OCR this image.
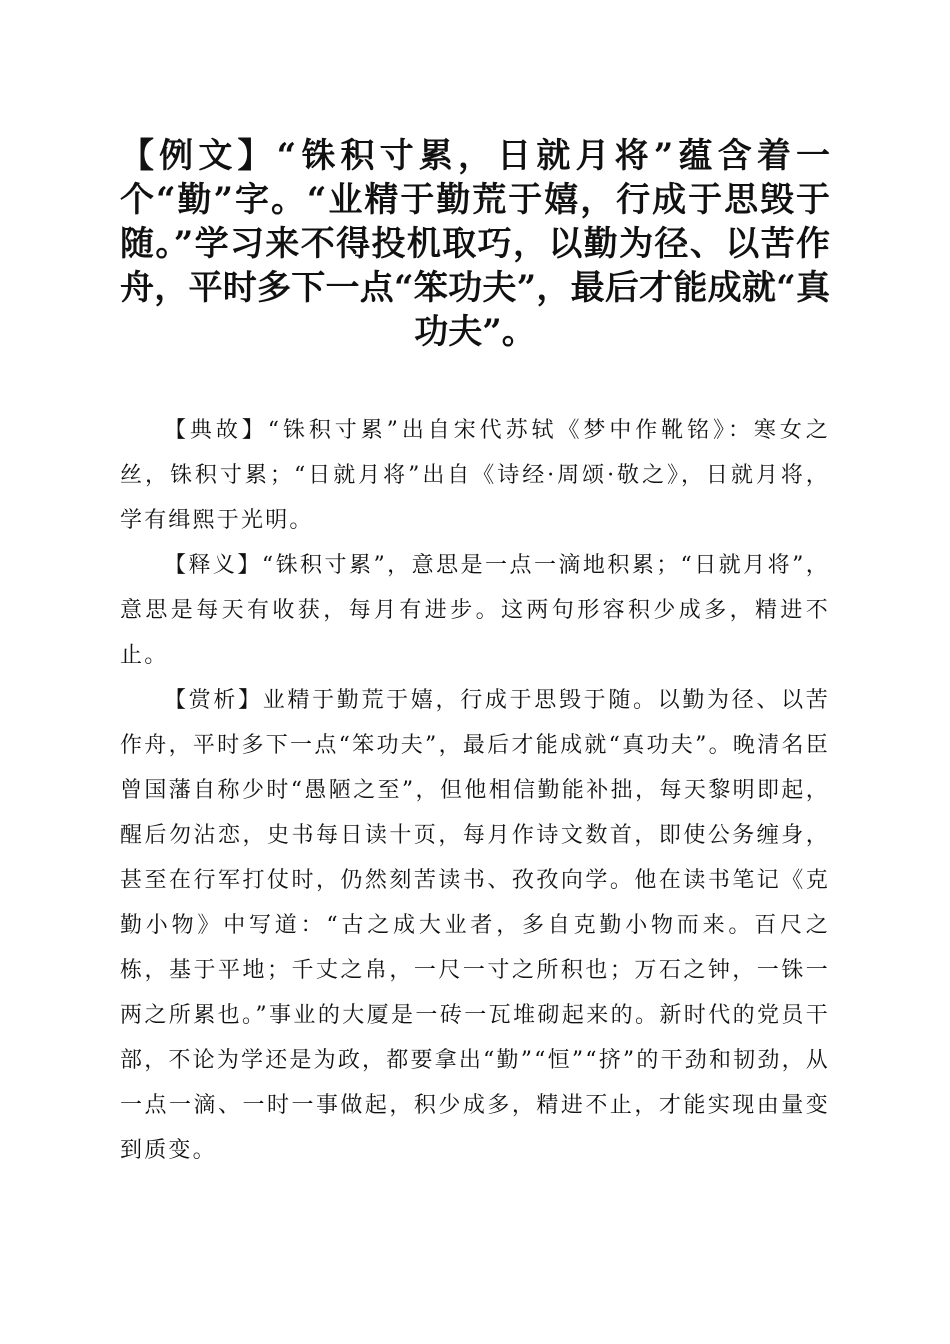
【例文】“铢积寸累，日就月将”蕴含着一个“勤”字。“业精于勤荒于嬉，行成于思毁于随。”学习来不得投机取巧，以勤为径、以苦作舟，平时多下一点“笨功夫”，最后才能成就“真功夫”。

【典故】“铢积寸累”出自宋代苏轼《梦中作靴铭》：寒女之丝，铢积寸累；“日就月将”出自《诗经·周颂·敬之》，日就月将，学有缉熙于光明。

【释义】“铢积寸累”，意思是一点一滴地积累；“日就月将”，意思是每天有收获，每月有进步。这两句形容积少成多，精进不止。

【赏析】业精于勤荒于嬉，行成于思毁于随。以勤为径、以苦作舟，平时多下一点“笨功夫”，最后才能成就“真功夫”。晚清名臣曾国藩自称少时“愚陋之至”，但他相信勤能补拙，每天黎明即起，醒后勿沾恋，史书每日读十页，每月作诗文数首，即使公务缠身，甚至在行军打仗时，仍然刻苦读书、孜孜向学。他在读书笔记《克勤小物》中写道：“古之成大业者，多自克勤小物而来。百尺之栋，基于平地；千丈之帛，一尺一寸之所积也；万石之钟，一铢一两之所累也。”事业的大厦是一砖一瓦堆砌起来的。新时代的党员干部，不论为学还是为政，都要拿出“勤”“恒”“挤”的干劲和韧劲，从一点一滴、一时一事做起，积少成多，精进不止，才能实现由量变到质变。
